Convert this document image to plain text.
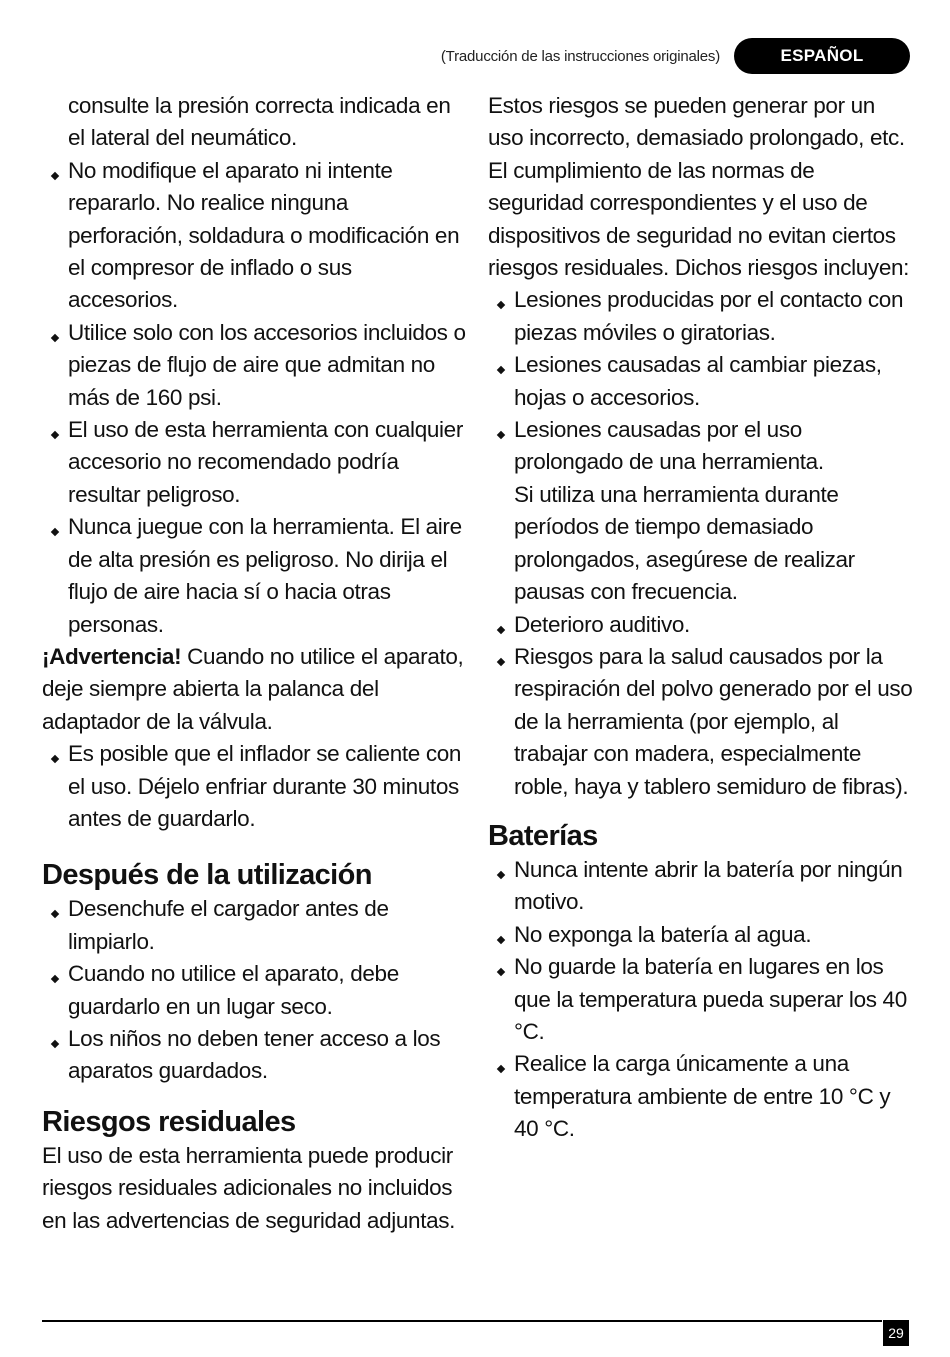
(Traducción de las instrucciones originales)	ESPAÑOL

consulte la presión correcta indicada en el lateral del neumático.

No modifique el aparato ni intente repararlo. No realice ninguna perforación, soldadura o modificación en el compresor de inflado o sus accesorios.
Utilice solo con los accesorios incluidos o piezas de flujo de aire que admitan no más de 160 psi.
El uso de esta herramienta con cualquier accesorio no recomendado podría resultar peligroso.
Nunca juegue con la herramienta. El aire de alta presión es peligroso. No dirija el flujo de aire hacia sí o hacia otras personas.

¡Advertencia! Cuando no utilice el aparato, deje siempre abierta la palanca del adaptador de la válvula.

Es posible que el inflador se caliente con el uso. Déjelo enfriar durante 30 minutos antes de guardarlo.
Después de la utilización
Desenchufe el cargador antes de limpiarlo.
Cuando no utilice el aparato, debe guardarlo en un lugar seco.
Los niños no deben tener acceso a los aparatos guardados.
Riesgos residuales

El uso de esta herramienta puede producir riesgos residuales adicionales no incluidos en las advertencias de seguridad adjuntas.

Estos riesgos se pueden generar por un uso incorrecto, demasiado prolongado, etc.

El cumplimiento de las normas de seguridad correspondientes y el uso de dispositivos de seguridad no evitan ciertos riesgos residuales. Dichos riesgos incluyen:

Lesiones producidas por el contacto con piezas móviles o giratorias.
Lesiones causadas al cambiar piezas, hojas o accesorios.
Lesiones causadas por el uso prolongado de una herramienta.

Si utiliza una herramienta durante períodos de tiempo demasiado prolongados, asegúrese de realizar pausas con frecuencia.

Deterioro auditivo.
Riesgos para la salud causados por la respiración del polvo generado por el uso de la herramienta (por ejemplo, al trabajar con madera, especialmente roble, haya y tablero semiduro de fibras).
Baterías
Nunca intente abrir la batería por ningún motivo.
No exponga la batería al agua.
No guarde la batería en lugares en los que la temperatura pueda superar los 40 °C.
Realice la carga únicamente a una temperatura ambiente de entre 10 °C y 40 °C.
29
